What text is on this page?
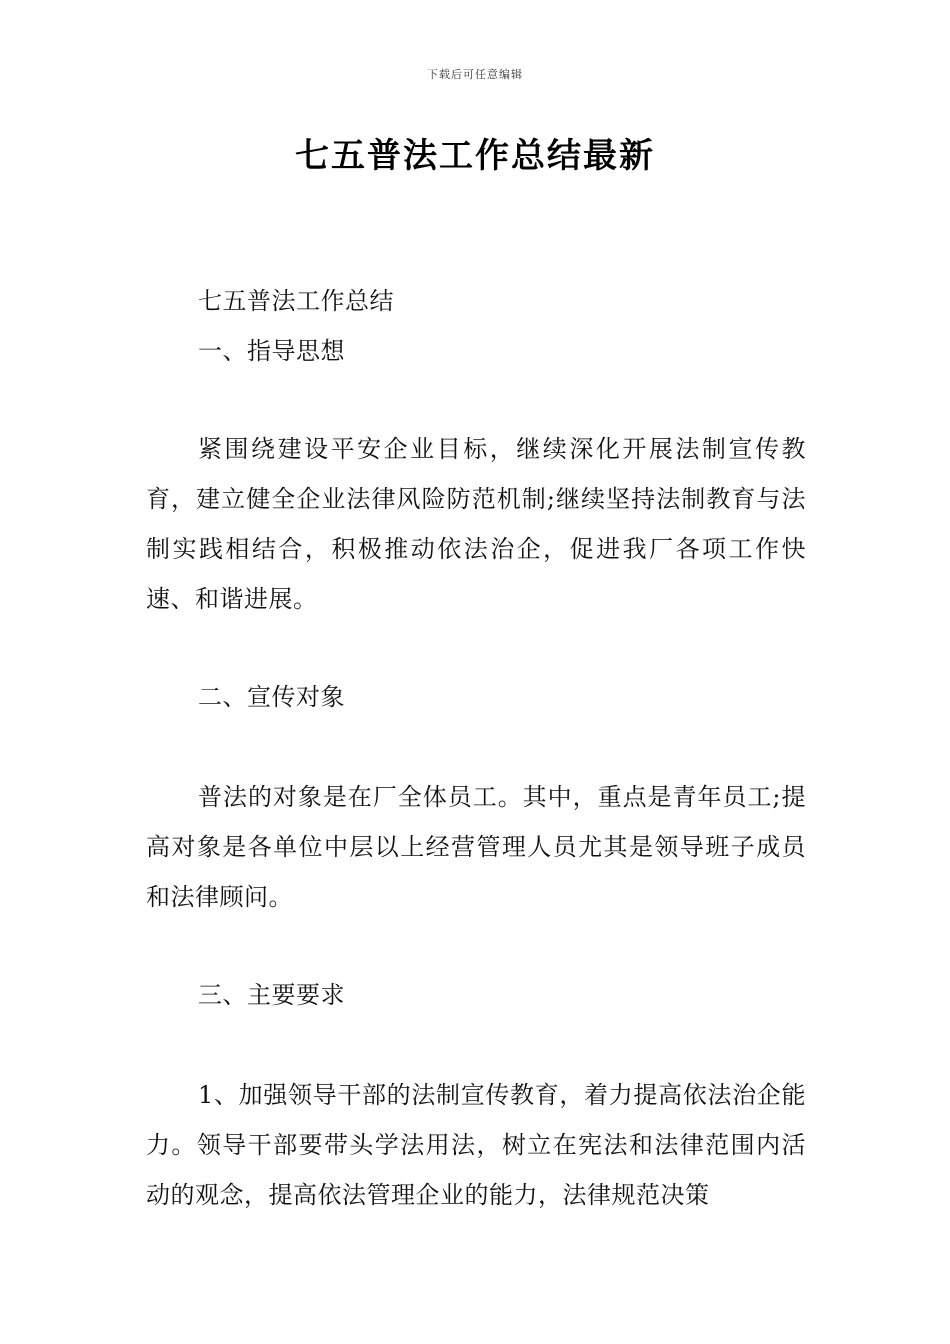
下载后可任意编辑
七五普法工作总结最新
七五普法工作总结
一、指导思想

紧围绕建设平安企业目标，继续深化开展法制宣传教育，建立健全企业法律风险防范机制;继续坚持法制教育与法制实践相结合，积极推动依法治企，促进我厂各项工作快速、和谐进展。

二、宣传对象

普法的对象是在厂全体员工。其中，重点是青年员工;提高对象是各单位中层以上经营管理人员尤其是领导班子成员和法律顾问。

三、主要要求

1、加强领导干部的法制宣传教育，着力提高依法治企能力。领导干部要带头学法用法，树立在宪法和法律范围内活动的观念，提高依法管理企业的能力，法律规范决策
